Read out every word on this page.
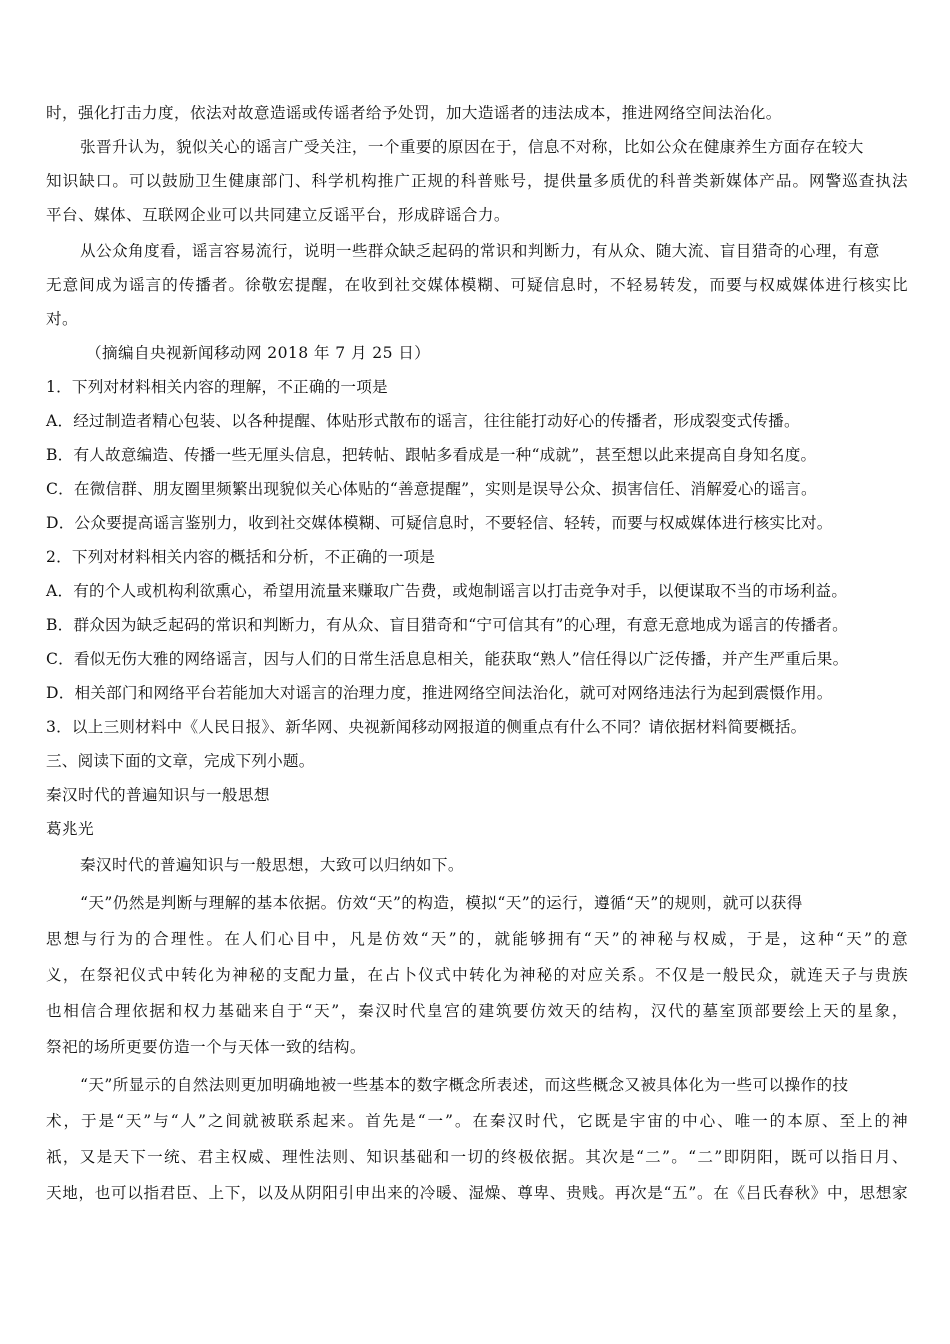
时，强化打击力度，依法对故意造谣或传谣者给予处罚，加大造谣者的违法成本，推进网络空间法治化。
张晋升认为，貌似关心的谣言广受关注，一个重要的原因在于，信息不对称，比如公众在健康养生方面存在较大
知识缺口。可以鼓励卫生健康部门、科学机构推广正规的科普账号，提供量多质优的科普类新媒体产品。网警巡查执法
平台、媒体、互联网企业可以共同建立反谣平台，形成辟谣合力。
从公众角度看，谣言容易流行，说明一些群众缺乏起码的常识和判断力，有从众、随大流、盲目猎奇的心理，有意
无意间成为谣言的传播者。徐敬宏提醒，在收到社交媒体模糊、可疑信息时，不轻易转发，而要与权威媒体进行核实比
对。
（摘编自央视新闻移动网 2018 年 7 月 25 日）
1．下列对材料相关内容的理解，不正确的一项是
A．经过制造者精心包装、以各种提醒、体贴形式散布的谣言，往往能打动好心的传播者，形成裂变式传播。
B．有人故意编造、传播一些无厘头信息，把转帖、跟帖多看成是一种“成就”，甚至想以此来提高自身知名度。
C．在微信群、朋友圈里频繁出现貌似关心体贴的“善意提醒”，实则是误导公众、损害信任、消解爱心的谣言。
D．公众要提高谣言鉴别力，收到社交媒体模糊、可疑信息时，不要轻信、轻转，而要与权威媒体进行核实比对。
2．下列对材料相关内容的概括和分析，不正确的一项是
A．有的个人或机构利欲熏心，希望用流量来赚取广告费，或炮制谣言以打击竞争对手，以便谋取不当的市场利益。
B．群众因为缺乏起码的常识和判断力，有从众、盲目猎奇和“宁可信其有”的心理，有意无意地成为谣言的传播者。
C．看似无伤大雅的网络谣言，因与人们的日常生活息息相关，能获取“熟人”信任得以广泛传播，并产生严重后果。
D．相关部门和网络平台若能加大对谣言的治理力度，推进网络空间法治化，就可对网络违法行为起到震慑作用。
3．以上三则材料中《人民日报》、新华网、央视新闻移动网报道的侧重点有什么不同？请依据材料简要概括。
三、阅读下面的文章，完成下列小题。
秦汉时代的普遍知识与一般思想
葛兆光
秦汉时代的普遍知识与一般思想，大致可以归纳如下。
“天”仍然是判断与理解的基本依据。仿效“天”的构造，模拟“天”的运行，遵循“天”的规则，就可以获得
思想与行为的合理性。在人们心目中，凡是仿效“天”的，就能够拥有“天”的神秘与权威，于是，这种“天”的意
义，在祭祀仪式中转化为神秘的支配力量，在占卜仪式中转化为神秘的对应关系。不仅是一般民众，就连天子与贵族
也相信合理依据和权力基础来自于“天”，秦汉时代皇宫的建筑要仿效天的结构，汉代的墓室顶部要绘上天的星象，
祭祀的场所更要仿造一个与天体一致的结构。
“天”所显示的自然法则更加明确地被一些基本的数字概念所表述，而这些概念又被具体化为一些可以操作的技
术，于是“天”与“人”之间就被联系起来。首先是“一”。在秦汉时代，它既是宇宙的中心、唯一的本原、至上的神
祇，又是天下一统、君主权威、理性法则、知识基础和一切的终极依据。其次是“二”。“二”即阴阳，既可以指日月、
天地，也可以指君臣、上下，以及从阴阳引申出来的冷暖、湿燥、尊卑、贵贱。再次是“五”。在《吕氏春秋》中，思想家
